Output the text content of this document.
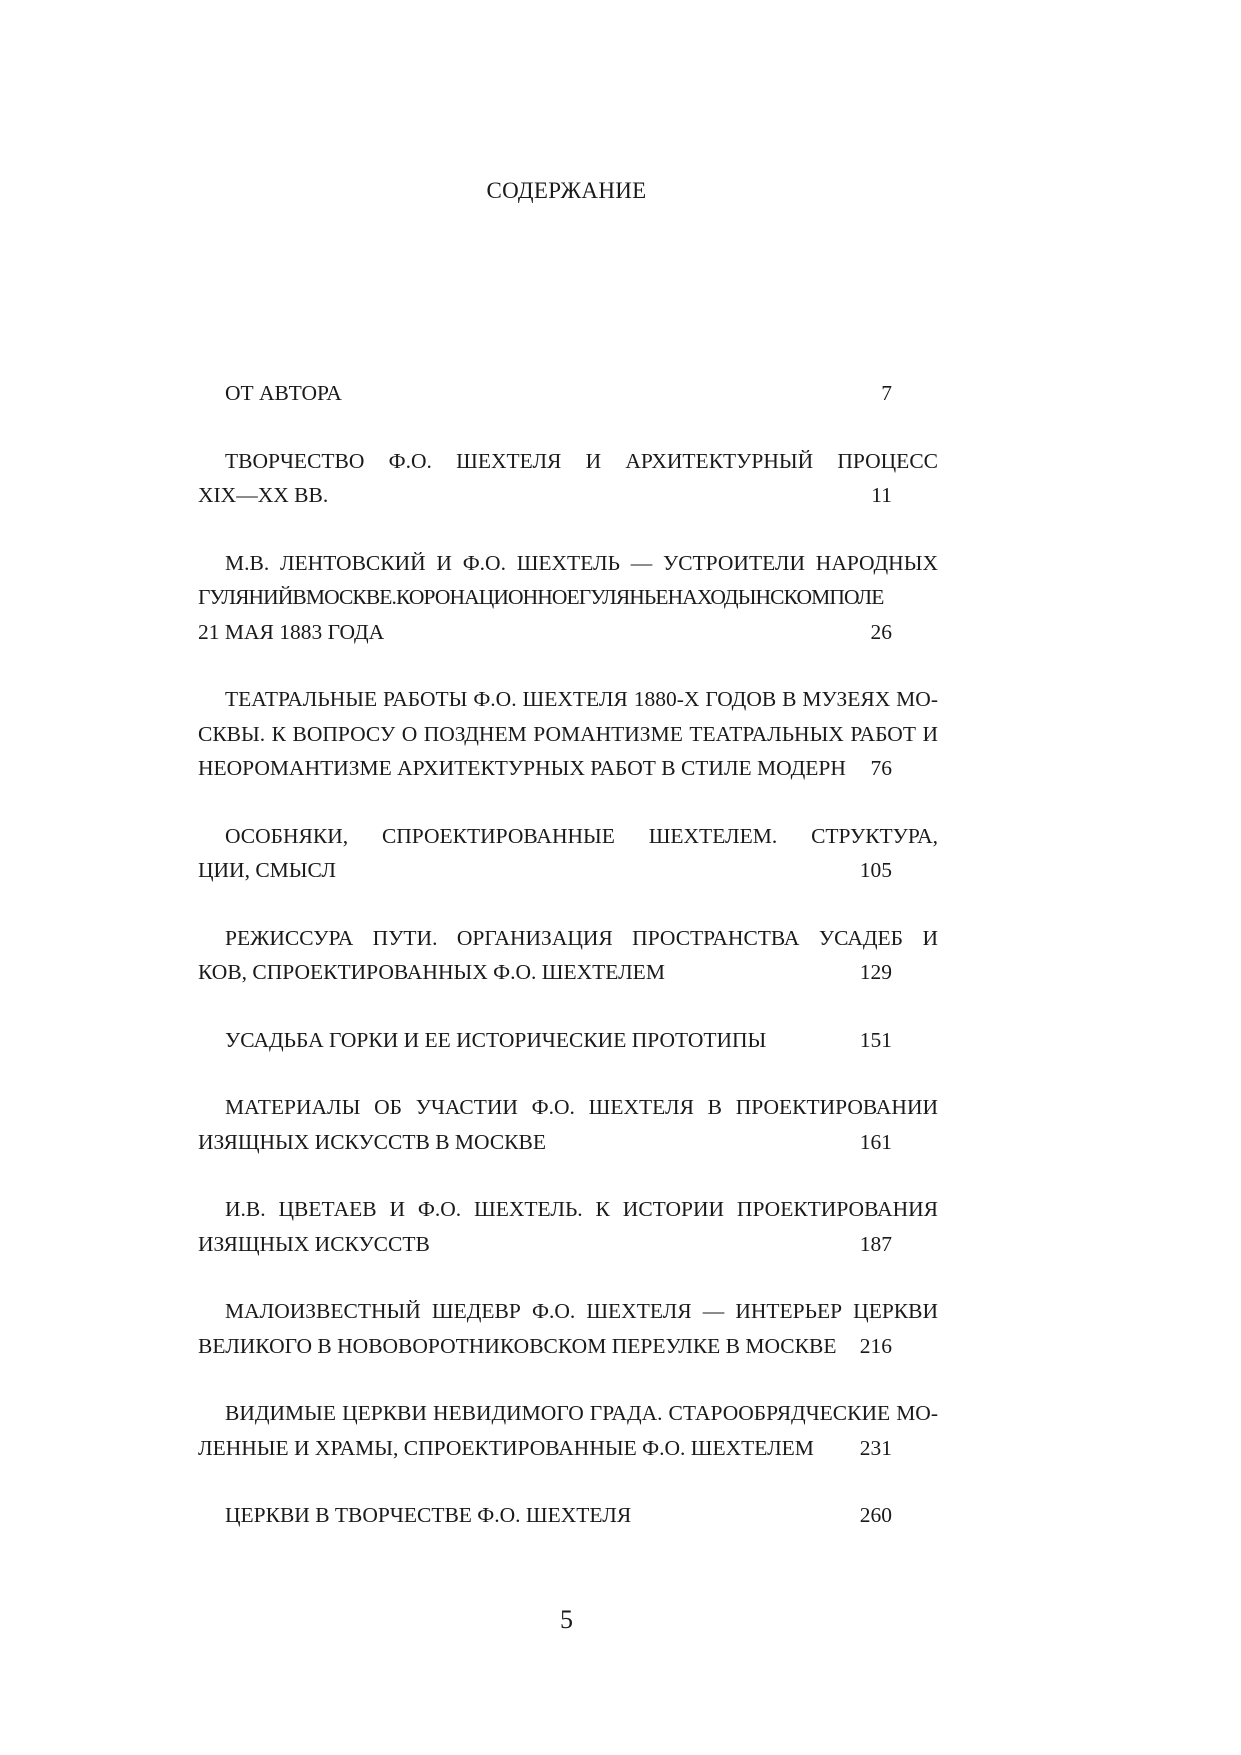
СОДЕРЖАНИЕ
ОТ АВТОРА	7
ТВОРЧЕСТВО Ф.О. ШЕХТЕЛЯ И АРХИТЕКТУРНЫЙ ПРОЦЕСС
XIX—XX ВВ.	11
М.В. ЛЕНТОВСКИЙ И Ф.О. ШЕХТЕЛЬ — УСТРОИТЕЛИ НАРОДНЫХ
ГУЛЯНИЙВМОСКВЕ.КОРОНАЦИОННОЕГУЛЯНЬЕНАХОДЫНСКОМПОЛЕ
21 МАЯ 1883 ГОДА	26
ТЕАТРАЛЬНЫЕ РАБОТЫ Ф.О. ШЕХТЕЛЯ 1880-Х ГОДОВ В МУЗЕЯХ МО-
СКВЫ. К ВОПРОСУ О ПОЗДНЕМ РОМАНТИЗМЕ ТЕАТРАЛЬНЫХ РАБОТ И
НЕОРОМАНТИЗМЕ АРХИТЕКТУРНЫХ РАБОТ В СТИЛЕ МОДЕРН	76
ОСОБНЯКИ, СПРОЕКТИРОВАННЫЕ ШЕХТЕЛЕМ. СТРУКТУРА,
ЦИИ, СМЫСЛ	105
РЕЖИССУРА ПУТИ. ОРГАНИЗАЦИЯ ПРОСТРАНСТВА УСАДЕБ И
КОВ, СПРОЕКТИРОВАННЫХ Ф.О. ШЕХТЕЛЕМ	129
УСАДЬБА ГОРКИ И ЕЕ ИСТОРИЧЕСКИЕ ПРОТОТИПЫ	151
МАТЕРИАЛЫ ОБ УЧАСТИИ Ф.О. ШЕХТЕЛЯ В ПРОЕКТИРОВАНИИ
ИЗЯЩНЫХ ИСКУССТВ В МОСКВЕ	161
И.В. ЦВЕТАЕВ И Ф.О. ШЕХТЕЛЬ. К ИСТОРИИ ПРОЕКТИРОВАНИЯ
ИЗЯЩНЫХ ИСКУССТВ	187
МАЛОИЗВЕСТНЫЙ ШЕДЕВР Ф.О. ШЕХТЕЛЯ — ИНТЕРЬЕР ЦЕРКВИ
ВЕЛИКОГО В НОВОВОРОТНИКОВСКОМ ПЕРЕУЛКЕ В МОСКВЕ	216
ВИДИМЫЕ ЦЕРКВИ НЕВИДИМОГО ГРАДА. СТАРООБРЯДЧЕСКИЕ МО-
ЛЕННЫЕ И ХРАМЫ, СПРОЕКТИРОВАННЫЕ Ф.О. ШЕХТЕЛЕМ	231
ЦЕРКВИ В ТВОРЧЕСТВЕ Ф.О. ШЕХТЕЛЯ	260
5
